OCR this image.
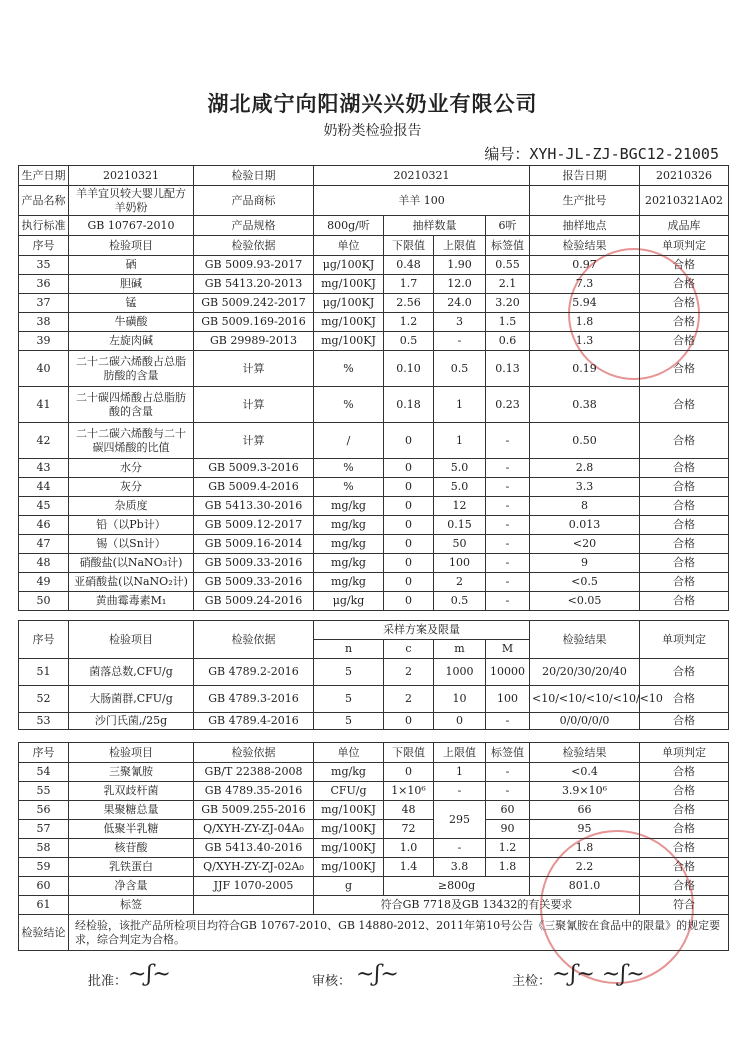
湖北咸宁向阳湖兴兴奶业有限公司
奶粉类检验报告
编号：XYH-JL-ZJ-BGC12-21005
生产日期	20210321	检验日期	20210321				报告日期	20210326
产品名称	羊羊宜贝较大婴儿配方羊奶粉	产品商标	羊羊 100				生产批号	20210321A02
执行标准	GB 10767-2010	产品规格	800g/听	抽样数量		6听	抽样地点	成品库
序号	检验项目	检验依据	单位	下限值	上限值	标签值	检验结果	单项判定
35	硒	GB 5009.93-2017	μg/100KJ	0.48	1.90	0.55	0.97	合格
36	胆碱	GB 5413.20-2013	mg/100KJ	1.7	12.0	2.1	7.3	合格
37	锰	GB 5009.242-2017	μg/100KJ	2.56	24.0	3.20	5.94	合格
38	牛磺酸	GB 5009.169-2016	mg/100KJ	1.2	3	1.5	1.8	合格
39	左旋肉碱	GB 29989-2013	mg/100KJ	0.5	-	0.6	1.3	合格
40	二十二碳六烯酸占总脂肪酸的含量	计算	%	0.10	0.5	0.13	0.19	合格
41	二十碳四烯酸占总脂肪酸的含量	计算	%	0.18	1	0.23	0.38	合格
42	二十二碳六烯酸与二十碳四烯酸的比值	计算	/	0	1	-	0.50	合格
43	水分	GB 5009.3-2016	%	0	5.0	-	2.8	合格
44	灰分	GB 5009.4-2016	%	0	5.0	-	3.3	合格
45	杂质度	GB 5413.30-2016	mg/kg	0	12	-	8	合格
46	铅（以Pb计）	GB 5009.12-2017	mg/kg	0	0.15	-	0.013	合格
47	锡（以Sn计）	GB 5009.16-2014	mg/kg	0	50	-	<20	合格
48	硝酸盐(以NaNO₃计)	GB 5009.33-2016	mg/kg	0	100	-	9	合格
49	亚硝酸盐(以NaNO₂计)	GB 5009.33-2016	mg/kg	0	2	-	<0.5	合格
50	黄曲霉毒素M₁	GB 5009.24-2016	μg/kg	0	0.5	-	<0.05	合格
序号	检验项目	检验依据	采样方案及限量				检验结果	单项判定
			n	c	m	M		
51	菌落总数,CFU/g	GB 4789.2-2016	5	2	1000	10000	20/20/30/20/40	合格
52	大肠菌群,CFU/g	GB 4789.3-2016	5	2	10	100	<10/<10/<10/<10/<10	合格
53	沙门氏菌,/25g	GB 4789.4-2016	5	0	0	-	0/0/0/0/0	合格
序号	检验项目	检验依据	单位	下限值	上限值	标签值	检验结果	单项判定
54	三聚氰胺	GB/T 22388-2008	mg/kg	0	1	-	<0.4	合格
55	乳双歧杆菌	GB 4789.35-2016	CFU/g	1×10⁶	-	-	3.9×10⁶	合格
56	果聚糖总量	GB 5009.255-2016	mg/100KJ	48	295	60	66	合格
57	低聚半乳糖	Q/XYH-ZY-ZJ-04A₀	mg/100KJ	72		90	95	合格
58	核苷酸	GB 5413.40-2016	mg/100KJ	1.0	-	1.2	1.8	合格
59	乳铁蛋白	Q/XYH-ZY-ZJ-02A₀	mg/100KJ	1.4	3.8	1.8	2.2	合格
60	净含量	JJF 1070-2005	g	≥800g			801.0	合格
61	标签		符合GB 7718及GB 13432的有关要求					符合
检验结论	经检验，该批产品所检项目均符合GB 10767-2010、GB 14880-2012、2011年第10号公告《三聚氰胺在食品中的限量》的规定要求，综合判定为合格。							
批准： ~ʃ~	审核： ~ʃ~	主检： ~ʃ~ ~ʃ~
